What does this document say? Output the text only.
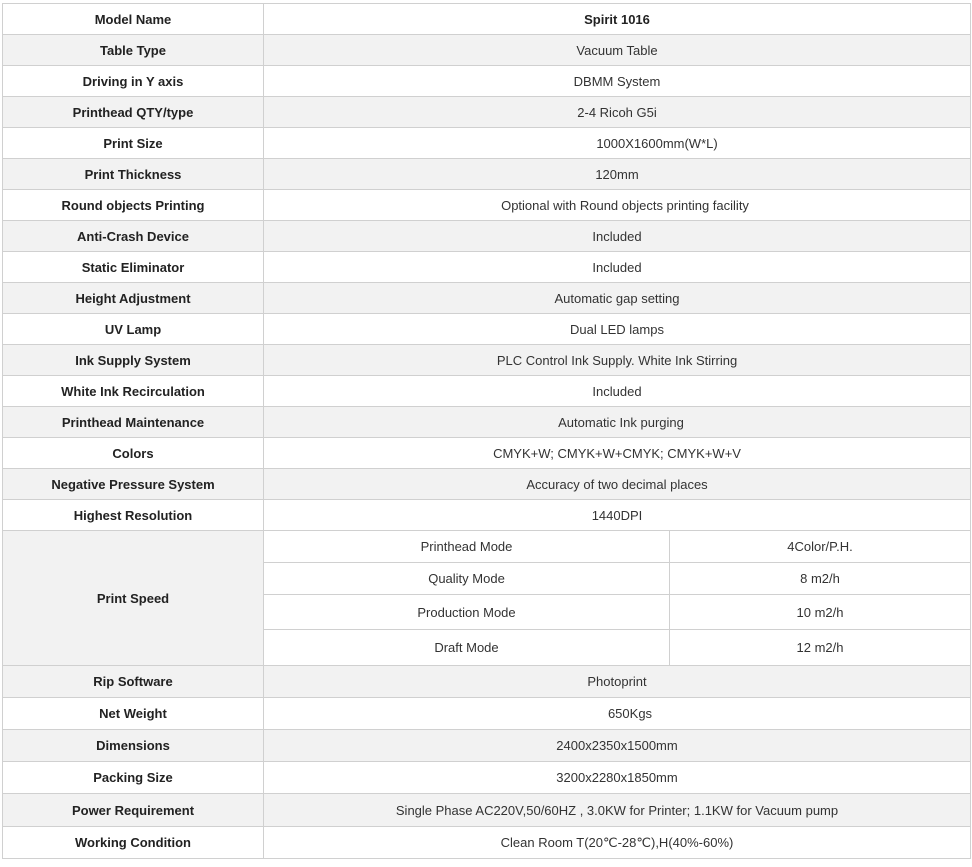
Model Name	Spirit 1016	
Table Type	Vacuum Table	
Driving in Y axis	DBMM System	
Printhead QTY/type	2-4 Ricoh G5i	
Print Size	1000X1600mm(W*L)	
Print Thickness	120mm	
Round objects Printing	Optional with Round objects printing facility	
Anti-Crash Device	Included	
Static Eliminator	Included	
Height Adjustment	Automatic gap setting	
UV Lamp	Dual LED lamps	
Ink Supply System	PLC Control Ink Supply. White Ink Stirring	
White Ink Recirculation	Included	
Printhead Maintenance	Automatic Ink purging	
Colors	CMYK+W; CMYK+W+CMYK; CMYK+W+V	
Negative Pressure System	Accuracy of two decimal places	
Highest Resolution	1440DPI	
Print Speed	Printhead Mode	4Color/P.H.
	Quality Mode	8 m2/h
	Production Mode	10 m2/h
	Draft Mode	12 m2/h
Rip Software	Photoprint	
Net Weight	650Kgs	
Dimensions	2400x2350x1500mm	
Packing Size	3200x2280x1850mm	
Power Requirement	Single Phase AC220V,50/60HZ , 3.0KW for Printer; 1.1KW for Vacuum pump	
Working Condition	Clean Room T(20℃-28℃),H(40%-60%)	
